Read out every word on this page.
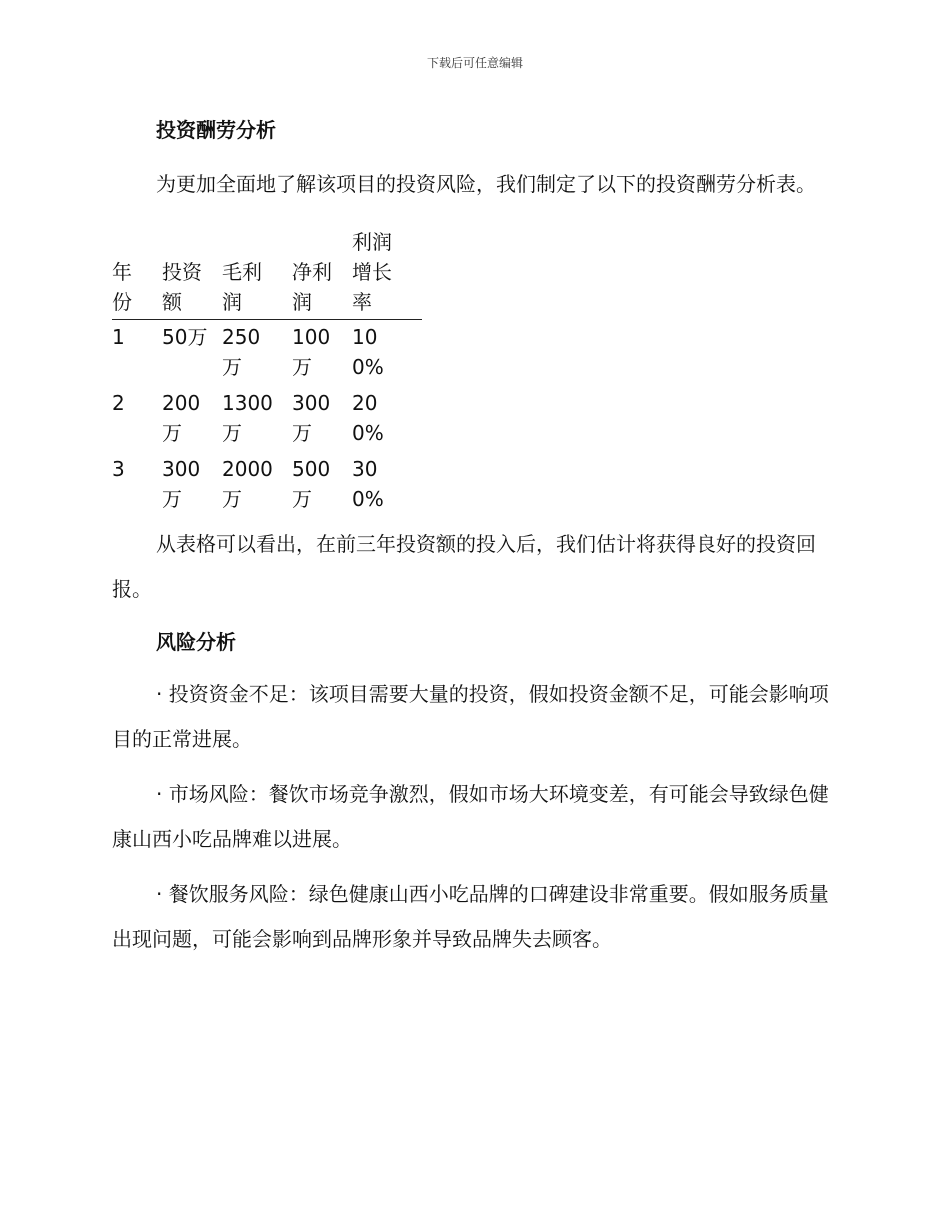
下载后可任意编辑

投资酬劳分析

为更加全面地了解该项目的投资风险，我们制定了以下的投资酬劳分析表。

年份	投资额	毛利润	净利润	利润增长率

1	50万	250万	100万	100%

2	200万	1300万	300万	200%

3	300万	2000万	500万	300%

从表格可以看出，在前三年投资额的投入后，我们估计将获得良好的投资回报。

风险分析

· 投资资金不足：该项目需要大量的投资，假如投资金额不足，可能会影响项目的正常进展。

· 市场风险：餐饮市场竞争激烈，假如市场大环境变差，有可能会导致绿色健康山西小吃品牌难以进展。

· 餐饮服务风险：绿色健康山西小吃品牌的口碑建设非常重要。假如服务质量出现问题，可能会影响到品牌形象并导致品牌失去顾客。
